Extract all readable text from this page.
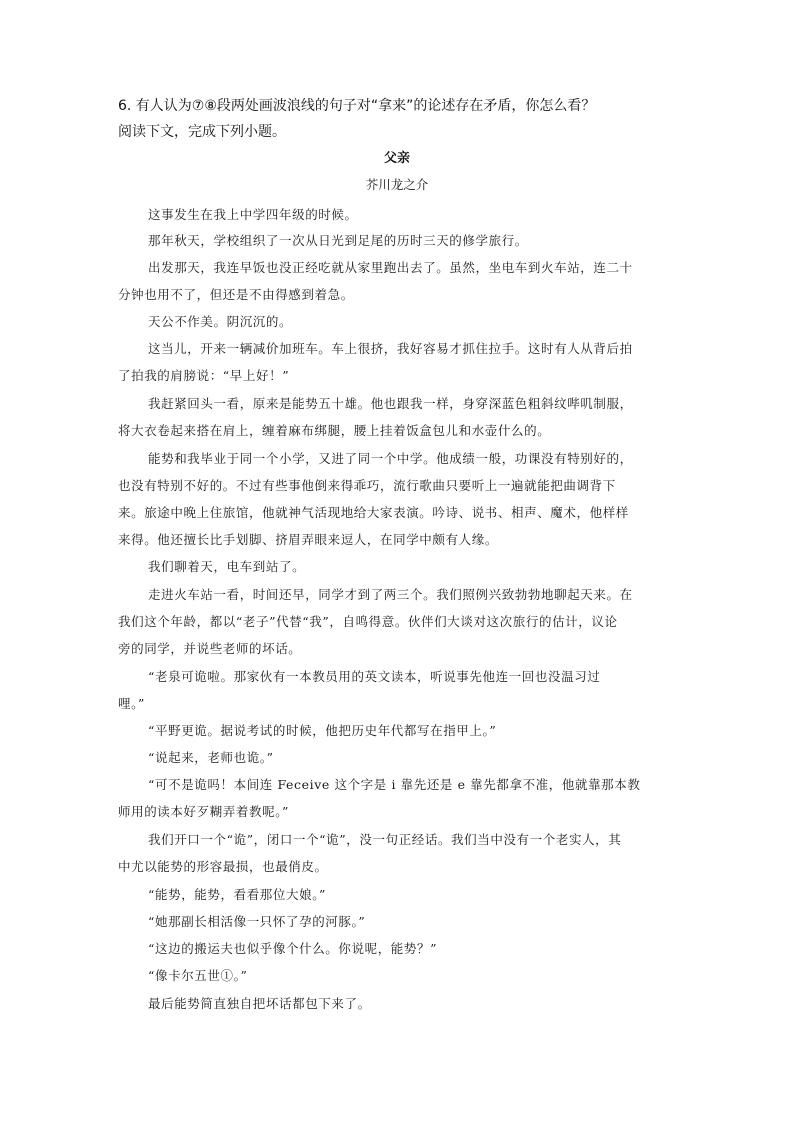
6. 有人认为⑦⑧段两处画波浪线的句子对“拿来”的论述存在矛盾，你怎么看？
阅读下文，完成下列小题。
父亲
芥川龙之介
这事发生在我上中学四年级的时候。
那年秋天，学校组织了一次从日光到足尾的历时三天的修学旅行。
出发那天，我连早饭也没正经吃就从家里跑出去了。虽然，坐电车到火车站，连二十
分钟也用不了，但还是不由得感到着急。
天公不作美。阴沉沉的。
这当儿，开来一辆减价加班车。车上很挤，我好容易才抓住拉手。这时有人从背后拍
了拍我的肩膀说：“早上好！”
我赶紧回头一看，原来是能势五十雄。他也跟我一样，身穿深蓝色粗斜纹哔叽制服，
将大衣卷起来搭在肩上，缠着麻布绑腿，腰上挂着饭盒包儿和水壶什么的。
能势和我毕业于同一个小学，又进了同一个中学。他成绩一般，功课没有特别好的，
也没有特别不好的。不过有些事他倒来得乖巧，流行歌曲只要听上一遍就能把曲调背下
来。旅途中晚上住旅馆，他就神气活现地给大家表演。吟诗、说书、相声、魔术，他样样
来得。他还擅长比手划脚、挤眉弄眼来逗人，在同学中颇有人缘。
我们聊着天，电车到站了。
走进火车站一看，时间还早，同学才到了两三个。我们照例兴致勃勃地聊起天来。在
我们这个年龄，都以“老子”代替“我”，自鸣得意。伙伴们大谈对这次旅行的估计，议论
旁的同学，并说些老师的坏话。
“老泉可诡啦。那家伙有一本教员用的英文读本，听说事先他连一回也没温习过
哩。”
“平野更诡。据说考试的时候，他把历史年代都写在指甲上。”
“说起来，老师也诡。”
“可不是诡吗！本间连 Feceive 这个字是 i 靠先还是 e 靠先都拿不准，他就靠那本教
师用的读本好歹糊弄着教呢。”
我们开口一个“诡”，闭口一个“诡”，没一句正经话。我们当中没有一个老实人，其
中尤以能势的形容最损，也最俏皮。
“能势，能势，看看那位大娘。”
“她那副长相活像一只怀了孕的河豚。”
“这边的搬运夫也似乎像个什么。你说呢，能势？”
“像卡尔五世①。”
最后能势简直独自把坏话都包下来了。
